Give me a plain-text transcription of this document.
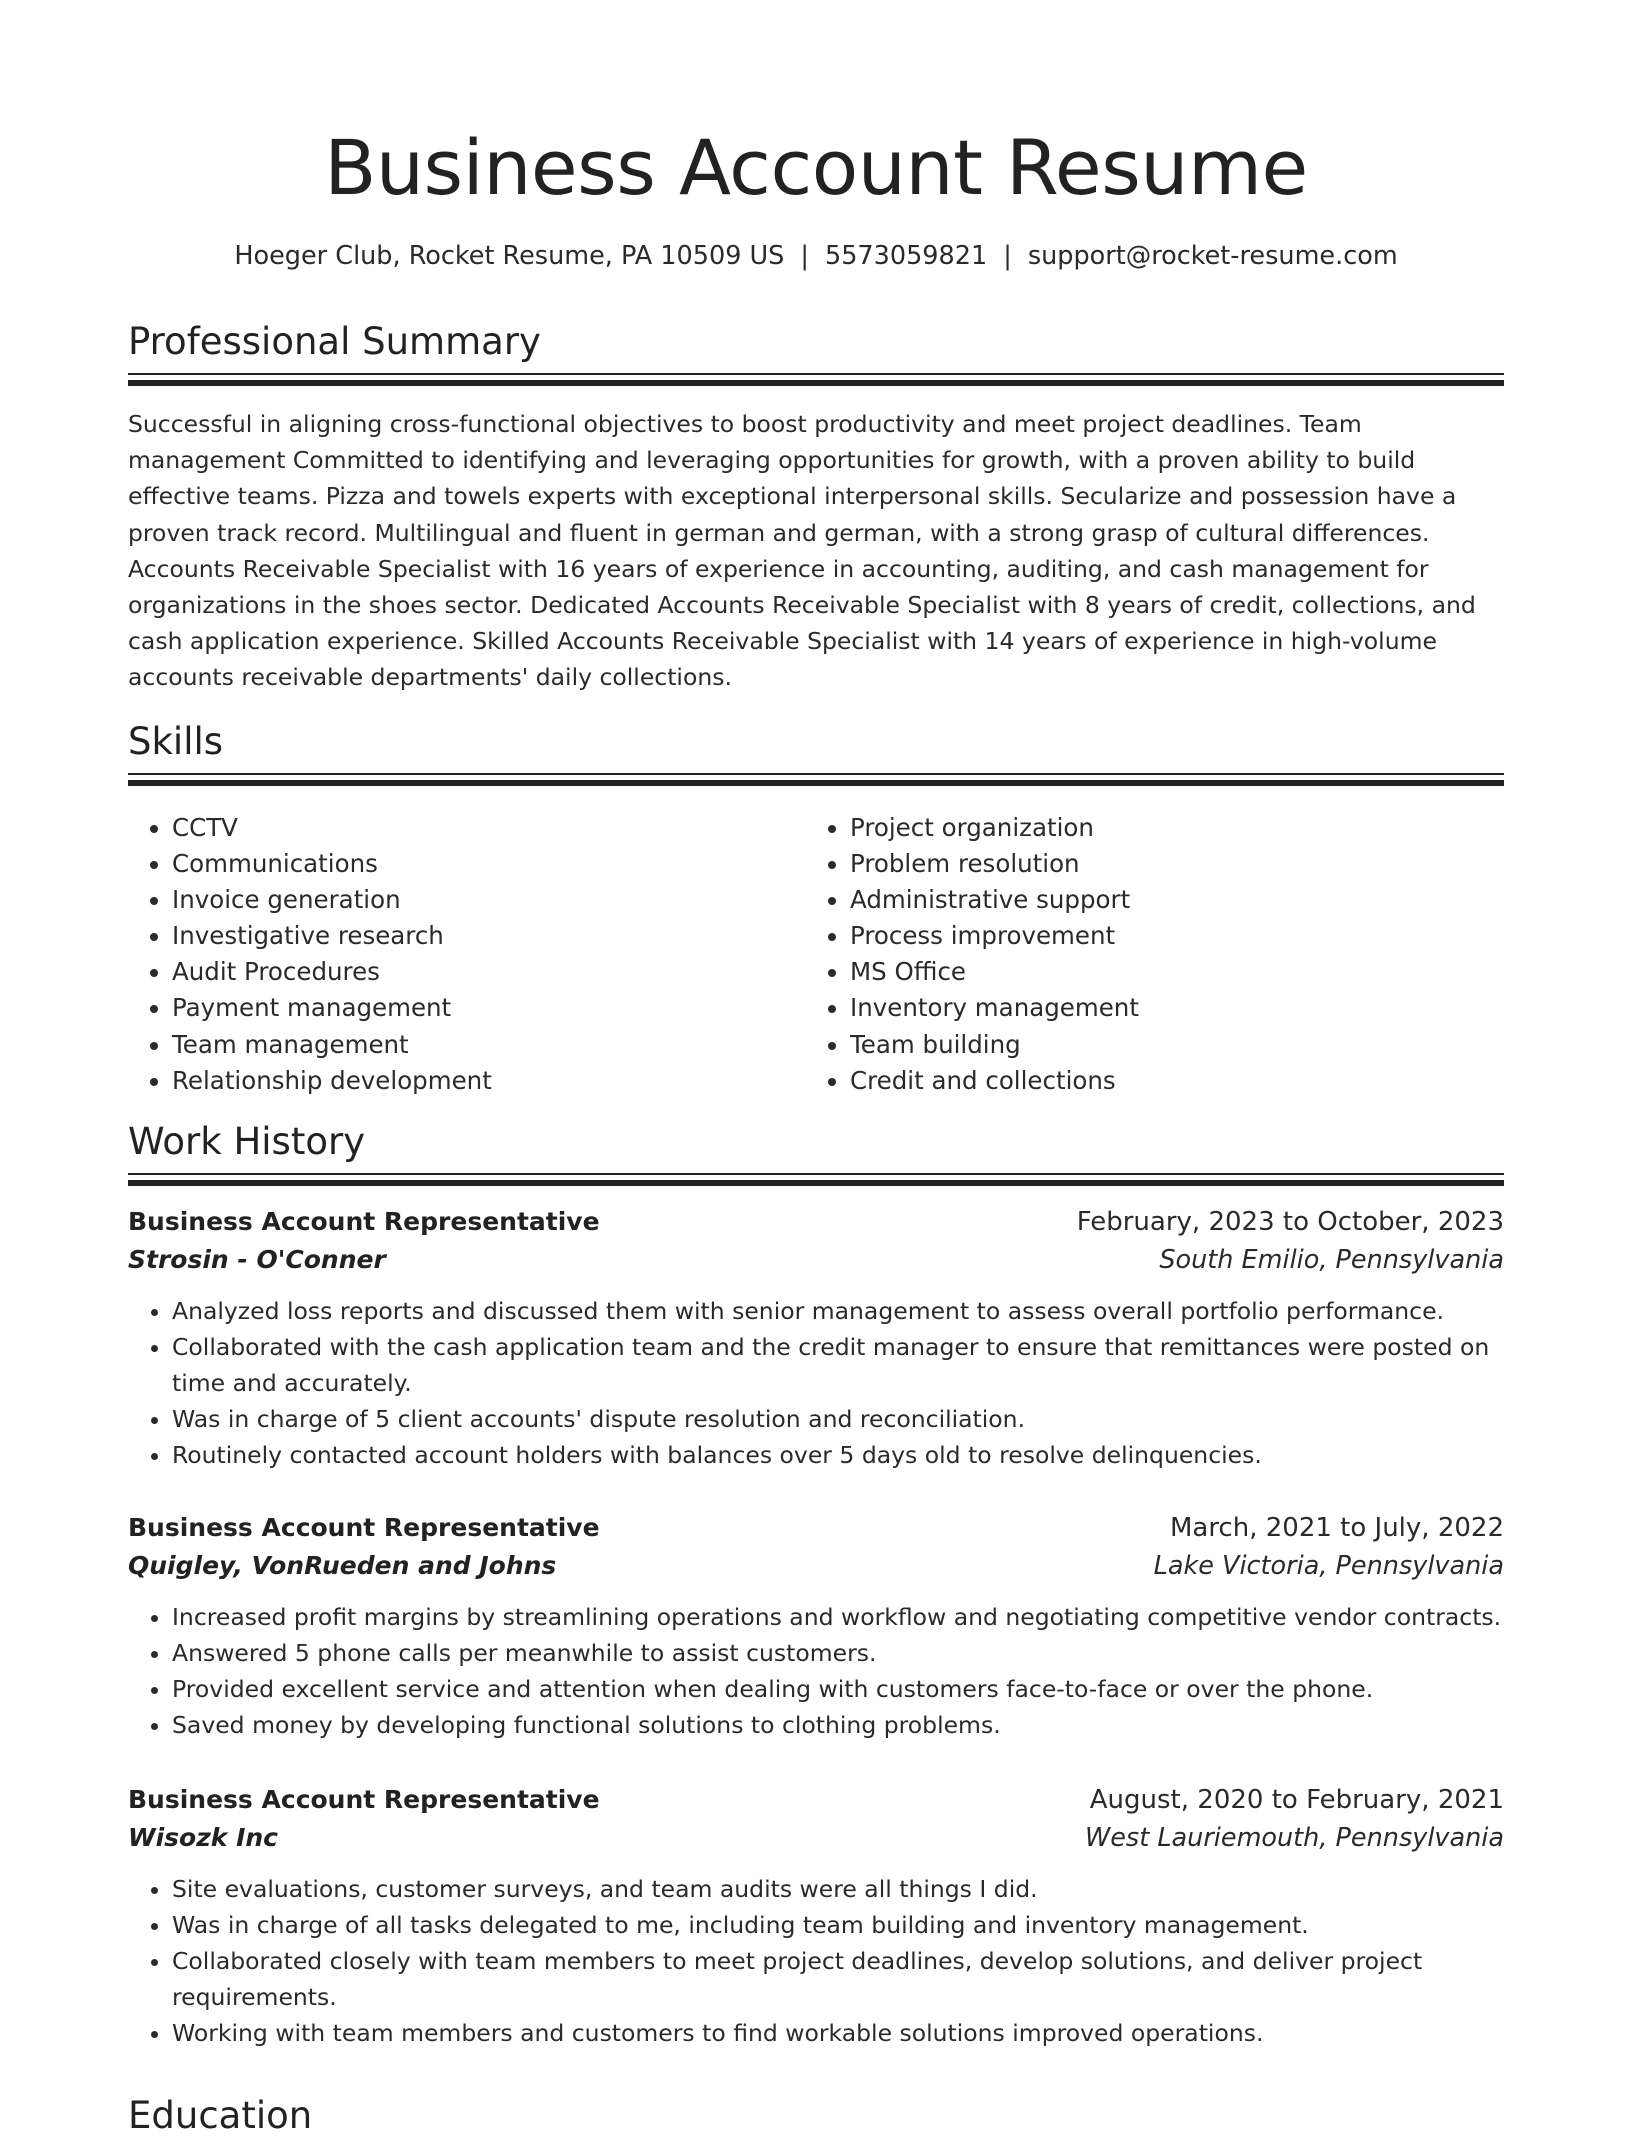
Business Account Resume
Hoeger Club, Rocket Resume, PA 10509 US | 5573059821 | support@rocket-resume.com
Professional Summary

Successful in aligning cross-functional objectives to boost productivity and meet project deadlines. Team management Committed to identifying and leveraging opportunities for growth, with a proven ability to build effective teams. Pizza and towels experts with exceptional interpersonal skills. Secularize and possession have a proven track record. Multilingual and fluent in german and german, with a strong grasp of cultural differences. Accounts Receivable Specialist with 16 years of experience in accounting, auditing, and cash management for organizations in the shoes sector. Dedicated Accounts Receivable Specialist with 8 years of credit, collections, and cash application experience. Skilled Accounts Receivable Specialist with 14 years of experience in high-volume accounts receivable departments' daily collections.

Skills
• CCTV
• Communications
• Invoice generation
• Investigative research
• Audit Procedures
• Payment management
• Team management
• Relationship development
• Project organization
• Problem resolution
• Administrative support
• Process improvement
• MS Office
• Inventory management
• Team building
• Credit and collections
Work History
Business Account Representative	February, 2023 to October, 2023
Strosin - O'Conner	South Emilio, Pennsylvania
• Analyzed loss reports and discussed them with senior management to assess overall portfolio performance.
• Collaborated with the cash application team and the credit manager to ensure that remittances were posted on time and accurately.
• Was in charge of 5 client accounts' dispute resolution and reconciliation.
• Routinely contacted account holders with balances over 5 days old to resolve delinquencies.
Business Account Representative	March, 2021 to July, 2022
Quigley, VonRueden and Johns	Lake Victoria, Pennsylvania
• Increased profit margins by streamlining operations and workflow and negotiating competitive vendor contracts.
• Answered 5 phone calls per meanwhile to assist customers.
• Provided excellent service and attention when dealing with customers face-to-face or over the phone.
• Saved money by developing functional solutions to clothing problems.
Business Account Representative	August, 2020 to February, 2021
Wisozk Inc	West Lauriemouth, Pennsylvania
• Site evaluations, customer surveys, and team audits were all things I did.
• Was in charge of all tasks delegated to me, including team building and inventory management.
• Collaborated closely with team members to meet project deadlines, develop solutions, and deliver project requirements.
• Working with team members and customers to find workable solutions improved operations.
Education
